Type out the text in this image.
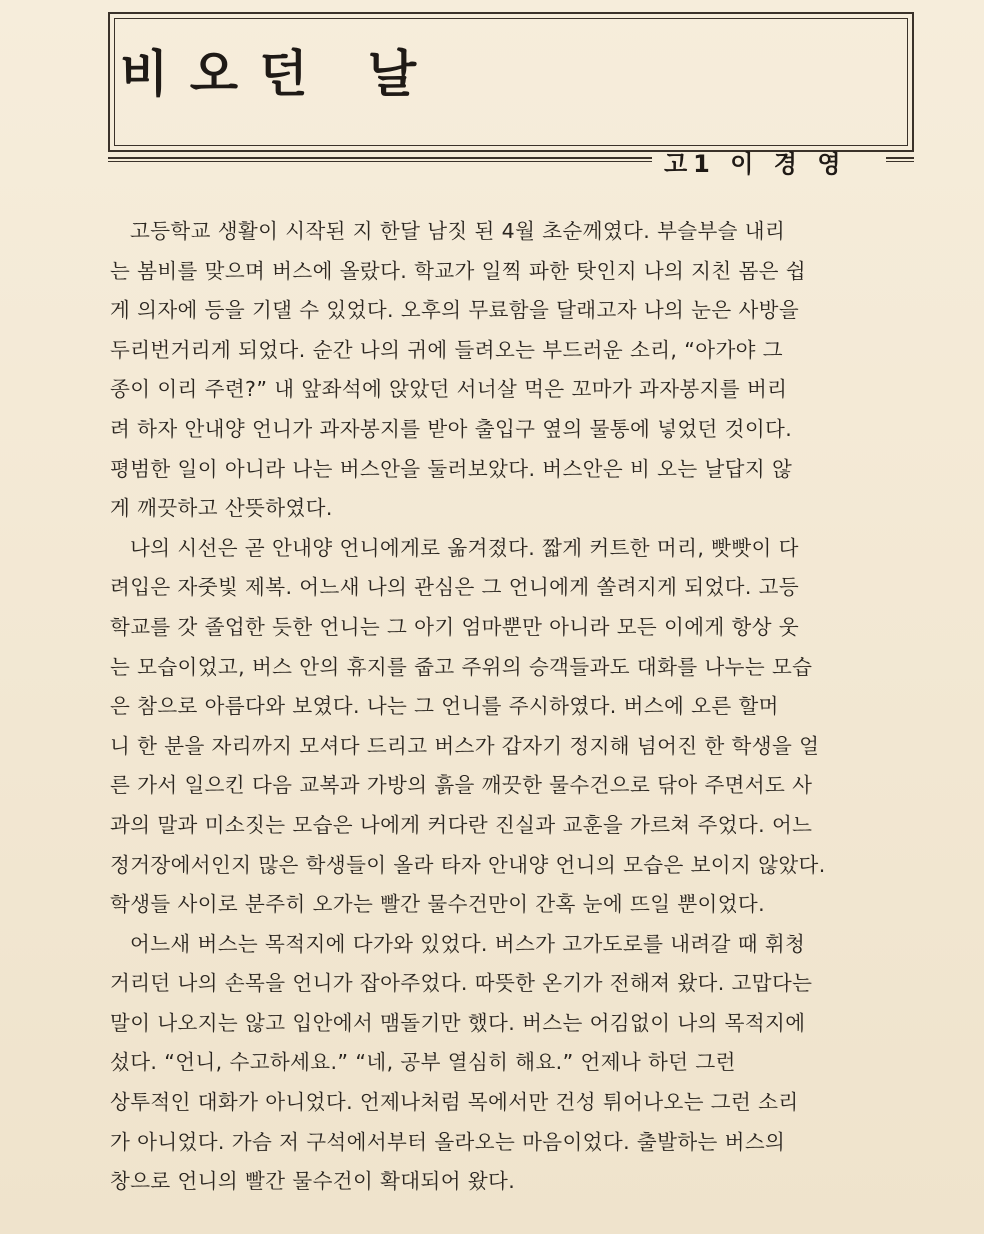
비 오 던   날
고1 이 경 영
고등학교 생활이 시작된 지 한달 남짓 된 4월 초순께였다. 부슬부슬 내리
는 봄비를 맞으며 버스에 올랐다. 학교가 일찍 파한 탓인지 나의 지친 몸은 쉽
게 의자에 등을 기댈 수 있었다. 오후의 무료함을 달래고자 나의 눈은 사방을
두리번거리게 되었다. 순간 나의 귀에 들려오는 부드러운 소리, “아가야 그
종이 이리 주련?” 내 앞좌석에 앉았던 서너살 먹은 꼬마가 과자봉지를 버리
려 하자 안내양 언니가 과자봉지를 받아 출입구 옆의 물통에 넣었던 것이다.
평범한 일이 아니라 나는 버스안을 둘러보았다. 버스안은 비 오는 날답지 않
게 깨끗하고 산뜻하였다.
나의 시선은 곧 안내양 언니에게로 옮겨졌다. 짧게 커트한 머리, 빳빳이 다
려입은 자줏빛 제복. 어느새 나의 관심은 그 언니에게 쏠려지게 되었다. 고등
학교를 갓 졸업한 듯한 언니는 그 아기 엄마뿐만 아니라 모든 이에게 항상 웃
는 모습이었고, 버스 안의 휴지를 줍고 주위의 승객들과도 대화를 나누는 모습
은 참으로 아름다와 보였다. 나는 그 언니를 주시하였다. 버스에 오른 할머
니 한 분을 자리까지 모셔다 드리고 버스가 갑자기 정지해 넘어진 한 학생을 얼
른 가서 일으킨 다음 교복과 가방의 흙을 깨끗한 물수건으로 닦아 주면서도 사
과의 말과 미소짓는 모습은 나에게 커다란 진실과 교훈을 가르쳐 주었다. 어느
정거장에서인지 많은 학생들이 올라 타자 안내양 언니의 모습은 보이지 않았다.
학생들 사이로 분주히 오가는 빨간 물수건만이 간혹 눈에 뜨일 뿐이었다.
어느새 버스는 목적지에 다가와 있었다. 버스가 고가도로를 내려갈 때 휘청
거리던 나의 손목을 언니가 잡아주었다. 따뜻한 온기가 전해져 왔다. 고맙다는
말이 나오지는 않고 입안에서 맴돌기만 했다. 버스는 어김없이 나의 목적지에
섰다. “언니, 수고하세요.” “네, 공부 열심히 해요.” 언제나 하던 그런
상투적인 대화가 아니었다. 언제나처럼 목에서만 건성 튀어나오는 그런 소리
가 아니었다. 가슴 저 구석에서부터 올라오는 마음이었다. 출발하는 버스의
창으로 언니의 빨간 물수건이 확대되어 왔다.
